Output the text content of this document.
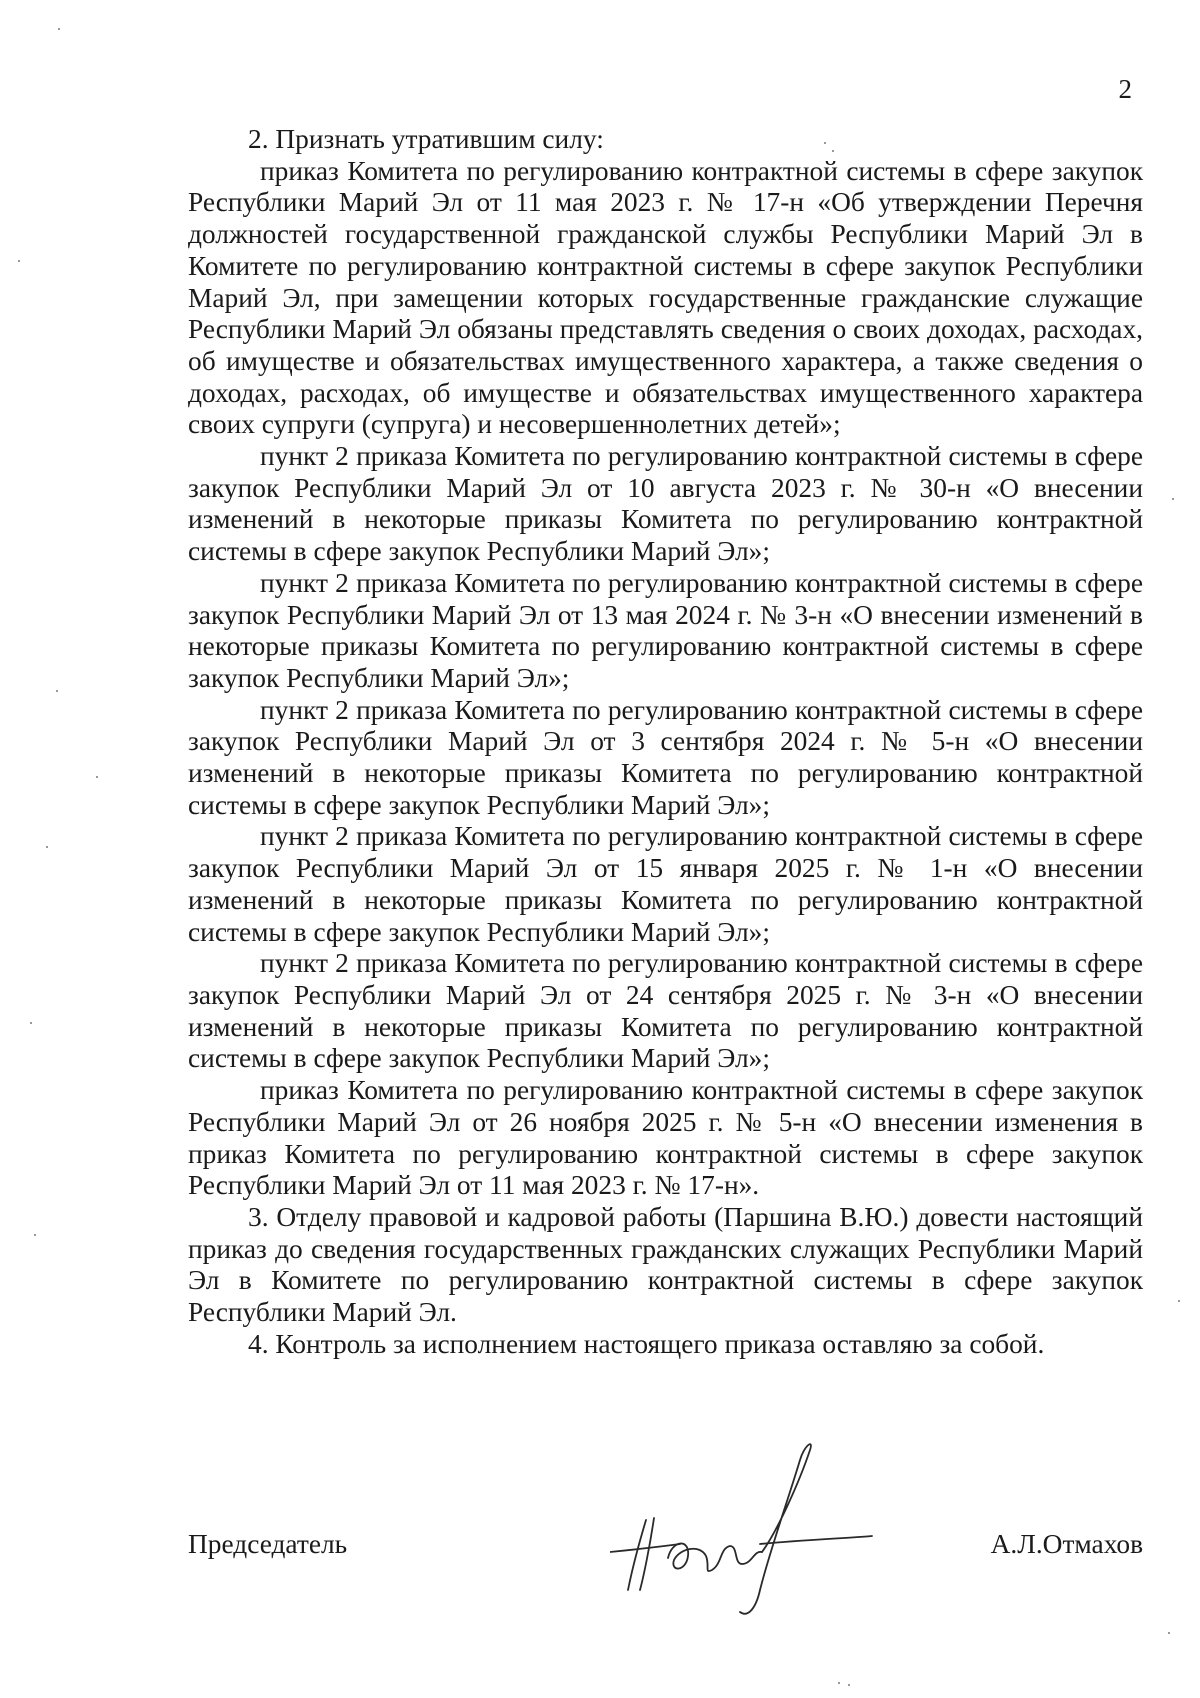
2

2. Признать утратившим силу:

приказ Комитета по регулированию контрактной системы в сфере закупок Республики Марий Эл от 11 мая 2023 г. № 17-н «Об утверждении Перечня должностей государственной гражданской службы Республики Марий Эл в Комитете по регулированию контрактной системы в сфере закупок Республики Марий Эл, при замещении которых государственные гражданские служащие Республики Марий Эл обязаны представлять сведения о своих доходах, расходах, об имуществе и обязательствах имущественного характера, а также сведения о доходах, расходах, об имуществе и обязательствах имущественного характера своих супруги (супруга) и несовершеннолетних детей»;

пункт 2 приказа Комитета по регулированию контрактной системы в сфере закупок Республики Марий Эл от 10 августа 2023 г. № 30-н «О внесении изменений в некоторые приказы Комитета по регулированию контрактной системы в сфере закупок Республики Марий Эл»;

пункт 2 приказа Комитета по регулированию контрактной системы в сфере закупок Республики Марий Эл от 13 мая 2024 г. № 3-н «О внесении изменений в некоторые приказы Комитета по регулированию контрактной системы в сфере закупок Республики Марий Эл»;

пункт 2 приказа Комитета по регулированию контрактной системы в сфере закупок Республики Марий Эл от 3 сентября 2024 г. № 5-н «О внесении изменений в некоторые приказы Комитета по регулированию контрактной системы в сфере закупок Республики Марий Эл»;

пункт 2 приказа Комитета по регулированию контрактной системы в сфере закупок Республики Марий Эл от 15 января 2025 г. № 1-н «О внесении изменений в некоторые приказы Комитета по регулированию контрактной системы в сфере закупок Республики Марий Эл»;

пункт 2 приказа Комитета по регулированию контрактной системы в сфере закупок Республики Марий Эл от 24 сентября 2025 г. № 3-н «О внесении изменений в некоторые приказы Комитета по регулированию контрактной системы в сфере закупок Республики Марий Эл»;

приказ Комитета по регулированию контрактной системы в сфере закупок Республики Марий Эл от 26 ноября 2025 г. № 5-н «О внесении изменения в приказ Комитета по регулированию контрактной системы в сфере закупок Республики Марий Эл от 11 мая 2023 г. № 17-н».

3. Отделу правовой и кадровой работы (Паршина В.Ю.) довести настоящий приказ до сведения государственных гражданских служащих Республики Марий Эл в Комитете по регулированию контрактной системы в сфере закупок Республики Марий Эл.

4. Контроль за исполнением настоящего приказа оставляю за собой.

Председатель	А.Л.Отмахов
